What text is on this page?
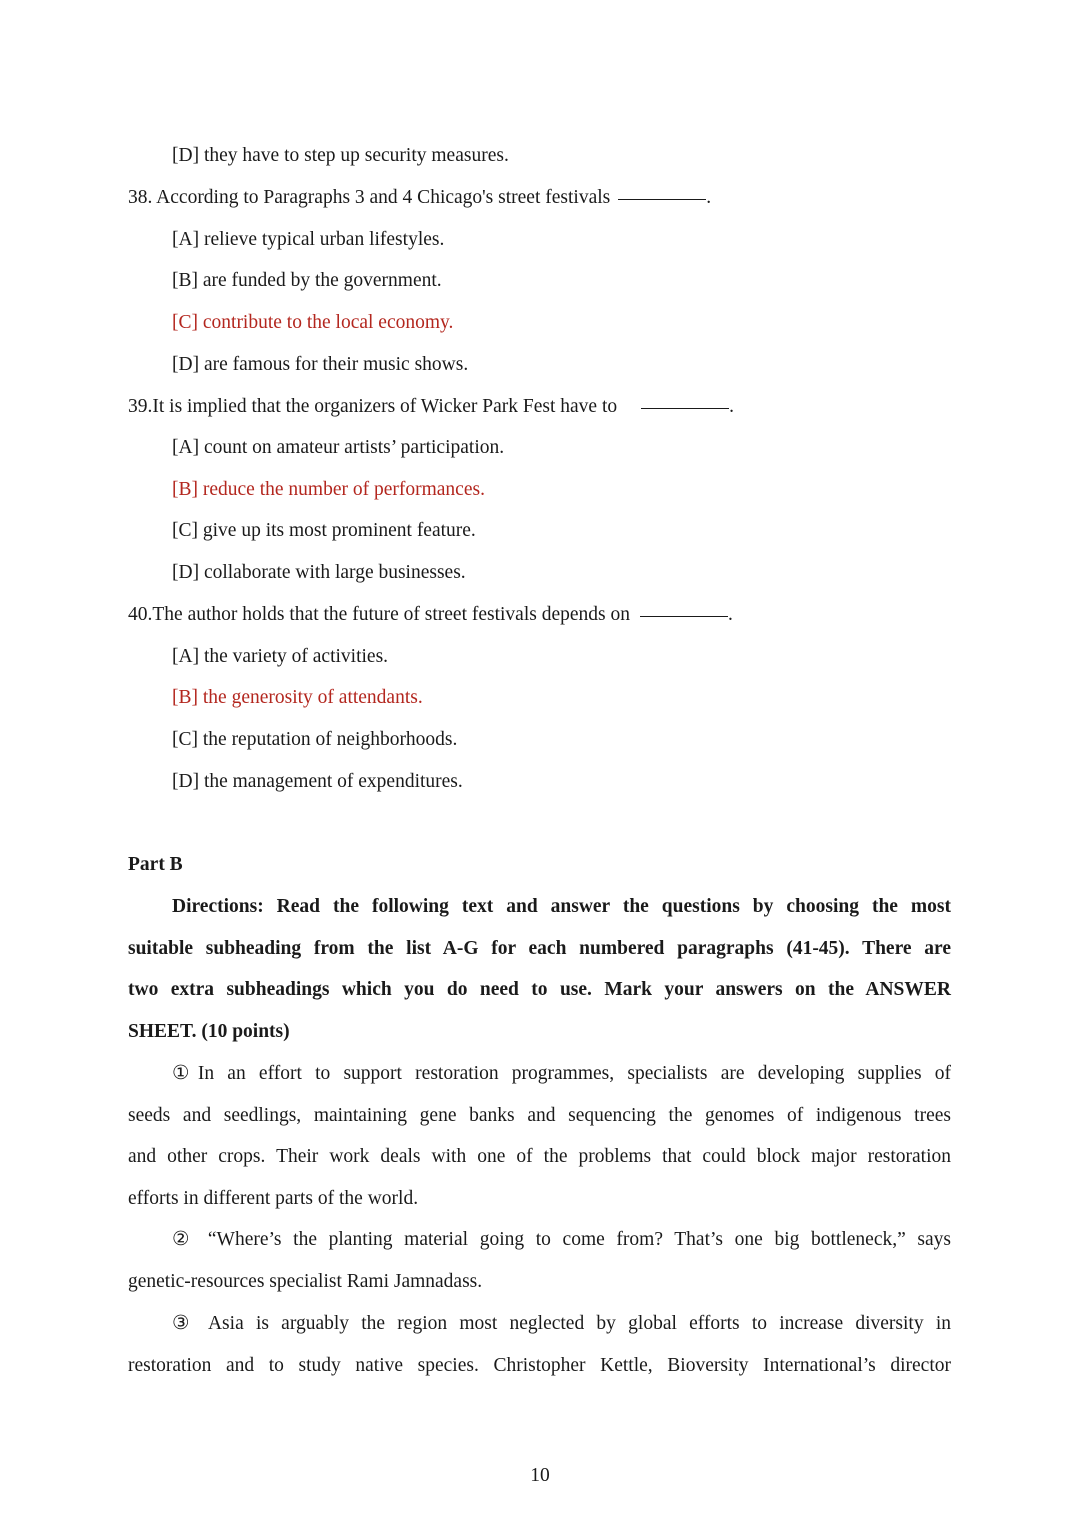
[D] they have to step up security measures.
38. According to Paragraphs 3 and 4 Chicago's street festivals	.
[A] relieve typical urban lifestyles.
[B] are funded by the government.
[C] contribute to the local economy.
[D] are famous for their music shows.
39.It is implied that the organizers of Wicker Park Fest have to	.
[A] count on amateur artists’ participation.
[B] reduce the number of performances.
[C] give up its most prominent feature.
[D] collaborate with large businesses.
40.The author holds that the future of street festivals depends on	.
[A] the variety of activities.
[B] the generosity of attendants.
[C] the reputation of neighborhoods.
[D] the management of expenditures.
Part B
Directions: Read the following text and answer the questions by choosing the most
suitable subheading from the list A-G for each numbered paragraphs (41-45). There are
two extra subheadings which you do need to use. Mark your answers on the ANSWER
SHEET. (10 points)
①In an effort to support restoration programmes, specialists are developing supplies of
seeds and seedlings, maintaining gene banks and sequencing the genomes of indigenous trees
and other crops. Their work deals with one of the problems that could block major restoration
efforts in different parts of the world.
② “Where’s the planting material going to come from? That’s one big bottleneck,” says
genetic-resources specialist Rami Jamnadass.
③ Asia is arguably the region most neglected by global efforts to increase diversity in
restoration and to study native species. Christopher Kettle, Bioversity International’s director
10
